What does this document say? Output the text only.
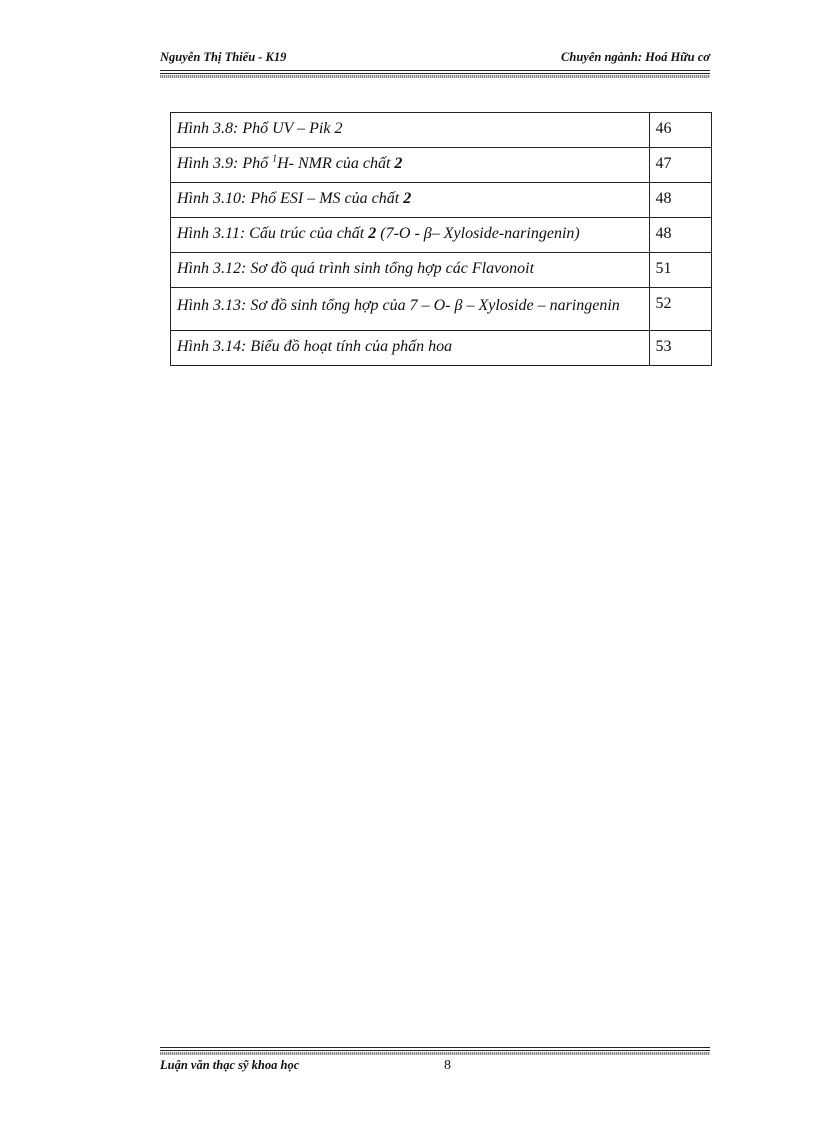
Nguyễn Thị Thiếu - K19	Chuyên ngành: Hoá Hữu cơ
Hình 3.8: Phổ UV – Pik 2	46
Hình 3.9: Phổ $^1$H- NMR của chất 2	47
Hình 3.10: Phổ ESI – MS của chất 2	48
Hình 3.11: Cấu trúc của chất 2 (7-O - β– Xyloside-naringenin)	48
Hình 3.12: Sơ đồ quá trình sinh tổng hợp các Flavonoit	51
Hình 3.13: Sơ đồ sinh tổng hợp của 7 – O- β – Xyloside – naringenin	52
Hình 3.14: Biểu đồ hoạt tính của phấn hoa	53
Luận văn thạc sỹ khoa học	8
